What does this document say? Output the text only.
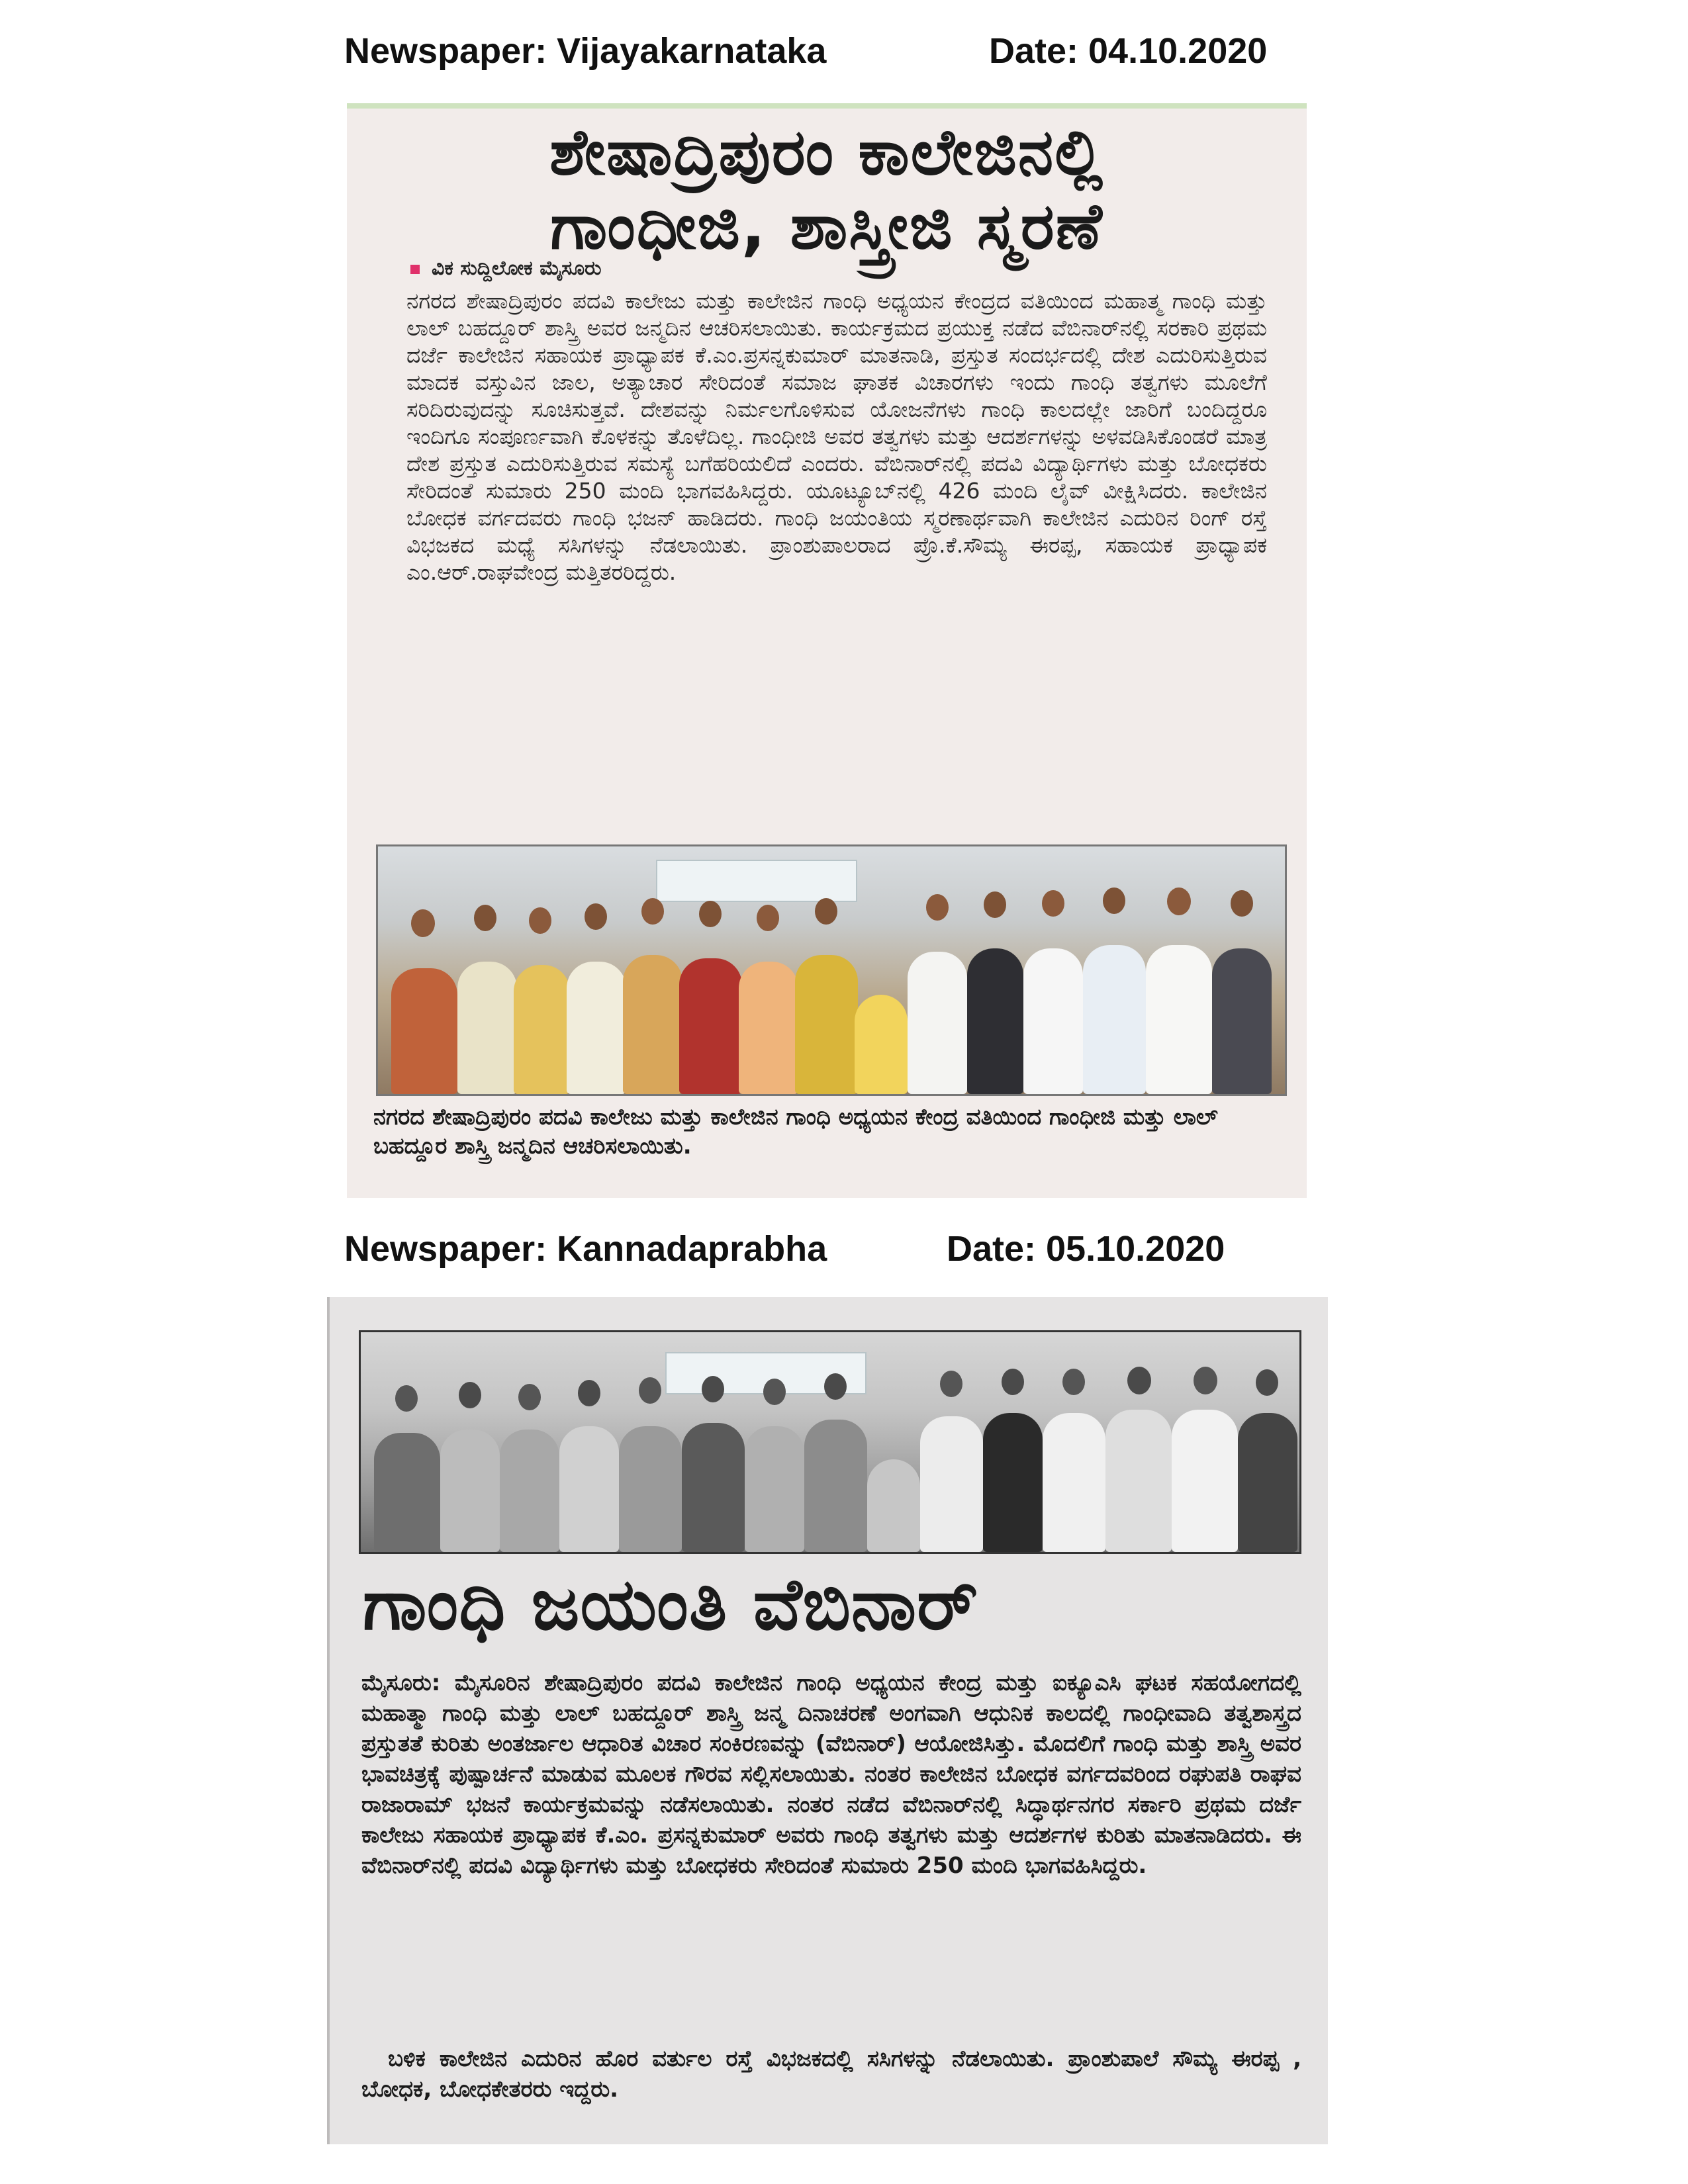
Newspaper: Vijayakarnataka	Date: 04.10.2020
ಶೇಷಾದ್ರಿಪುರಂ ಕಾಲೇಜಿನಲ್ಲಿ
ಗಾಂಧೀಜಿ, ಶಾಸ್ತ್ರೀಜಿ ಸ್ಮರಣೆ
ವಿಕ ಸುದ್ದಿಲೋಕ ಮೈಸೂರು
ನಗರದ ಶೇಷಾದ್ರಿಪುರಂ ಪದವಿ ಕಾಲೇಜು ಮತ್ತು ಕಾಲೇಜಿನ ಗಾಂಧಿ ಅಧ್ಯಯನ ಕೇಂದ್ರದ ವತಿಯಿಂದ ಮಹಾತ್ಮ ಗಾಂಧಿ ಮತ್ತು ಲಾಲ್ ಬಹದ್ದೂರ್ ಶಾಸ್ತ್ರಿ ಅವರ ಜನ್ಮದಿನ ಆಚರಿಸಲಾಯಿತು. ಕಾರ್ಯಕ್ರಮದ ಪ್ರಯುಕ್ತ ನಡೆದ ವೆಬಿನಾರ್‌ನಲ್ಲಿ ಸರಕಾರಿ ಪ್ರಥಮ ದರ್ಜೆ ಕಾಲೇಜಿನ ಸಹಾಯಕ ಪ್ರಾಧ್ಯಾಪಕ ಕೆ.ಎಂ.ಪ್ರಸನ್ನಕುಮಾರ್ ಮಾತನಾಡಿ, ಪ್ರಸ್ತುತ ಸಂದರ್ಭದಲ್ಲಿ ದೇಶ ಎದುರಿಸುತ್ತಿರುವ ಮಾದಕ ವಸ್ತುವಿನ ಜಾಲ, ಅತ್ಯಾಚಾರ ಸೇರಿದಂತೆ ಸಮಾಜ ಘಾತಕ ವಿಚಾರಗಳು ಇಂದು ಗಾಂಧಿ ತತ್ವಗಳು ಮೂಲೆಗೆ ಸರಿದಿರುವುದನ್ನು ಸೂಚಿಸುತ್ತವೆ. ದೇಶವನ್ನು ನಿರ್ಮಲಗೊಳಿಸುವ ಯೋಜನೆಗಳು ಗಾಂಧಿ ಕಾಲದಲ್ಲೇ ಜಾರಿಗೆ ಬಂದಿದ್ದರೂ ಇಂದಿಗೂ ಸಂಪೂರ್ಣವಾಗಿ ಕೊಳಕನ್ನು ತೊಳೆದಿಲ್ಲ. ಗಾಂಧೀಜಿ ಅವರ ತತ್ವಗಳು ಮತ್ತು ಆದರ್ಶಗಳನ್ನು ಅಳವಡಿಸಿಕೊಂಡರೆ ಮಾತ್ರ ದೇಶ ಪ್ರಸ್ತುತ ಎದುರಿಸುತ್ತಿರುವ ಸಮಸ್ಯೆ ಬಗೆಹರಿಯಲಿದೆ ಎಂದರು. ವೆಬಿನಾರ್‌ನಲ್ಲಿ ಪದವಿ ವಿದ್ಯಾರ್ಥಿಗಳು ಮತ್ತು ಬೋಧಕರು ಸೇರಿದಂತೆ ಸುಮಾರು 250 ಮಂದಿ ಭಾಗವಹಿಸಿದ್ದರು. ಯೂಟ್ಯೂಬ್‌ನಲ್ಲಿ 426 ಮಂದಿ ಲೈವ್ ವೀಕ್ಷಿಸಿದರು. ಕಾಲೇಜಿನ ಬೋಧಕ ವರ್ಗದವರು ಗಾಂಧಿ ಭಜನ್ ಹಾಡಿದರು. ಗಾಂಧಿ ಜಯಂತಿಯ ಸ್ಮರಣಾರ್ಥವಾಗಿ ಕಾಲೇಜಿನ ಎದುರಿನ ರಿಂಗ್ ರಸ್ತೆ ವಿಭಜಕದ ಮಧ್ಯೆ ಸಸಿಗಳನ್ನು ನೆಡಲಾಯಿತು. ಪ್ರಾಂಶುಪಾಲರಾದ ಪ್ರೊ.ಕೆ.ಸೌಮ್ಯ ಈರಪ್ಪ, ಸಹಾಯಕ ಪ್ರಾಧ್ಯಾಪಕ ಎಂ.ಆರ್.ರಾಘವೇಂದ್ರ ಮತ್ತಿತರರಿದ್ದರು.
ನಗರದ ಶೇಷಾದ್ರಿಪುರಂ ಪದವಿ ಕಾಲೇಜು ಮತ್ತು ಕಾಲೇಜಿನ ಗಾಂಧಿ ಅಧ್ಯಯನ ಕೇಂದ್ರ ವತಿಯಿಂದ ಗಾಂಧೀಜಿ ಮತ್ತು ಲಾಲ್ ಬಹದ್ದೂರ ಶಾಸ್ತ್ರಿ ಜನ್ಮದಿನ ಆಚರಿಸಲಾಯಿತು.
Newspaper: Kannadaprabha	Date: 05.10.2020
ಗಾಂಧಿ ಜಯಂತಿ ವೆಬಿನಾರ್
ಮೈಸೂರು: ಮೈಸೂರಿನ ಶೇಷಾದ್ರಿಪುರಂ ಪದವಿ ಕಾಲೇಜಿನ ಗಾಂಧಿ ಅಧ್ಯಯನ ಕೇಂದ್ರ ಮತ್ತು ಐಕ್ಯೂಎಸಿ ಘಟಕ ಸಹಯೋಗದಲ್ಲಿ ಮಹಾತ್ಮಾ ಗಾಂಧಿ ಮತ್ತು ಲಾಲ್ ಬಹದ್ದೂರ್ ಶಾಸ್ತ್ರಿ ಜನ್ಮ ದಿನಾಚರಣೆ ಅಂಗವಾಗಿ ಆಧುನಿಕ ಕಾಲದಲ್ಲಿ ಗಾಂಧೀವಾದಿ ತತ್ವಶಾಸ್ತ್ರದ ಪ್ರಸ್ತುತತೆ ಕುರಿತು ಅಂತರ್ಜಾಲ ಆಧಾರಿತ ವಿಚಾರ ಸಂಕಿರಣವನ್ನು (ವೆಬಿನಾರ್) ಆಯೋಜಿಸಿತ್ತು. ಮೊದಲಿಗೆ ಗಾಂಧಿ ಮತ್ತು ಶಾಸ್ತ್ರಿ ಅವರ ಭಾವಚಿತ್ರಕ್ಕೆ ಪುಷ್ಪಾರ್ಚನೆ ಮಾಡುವ ಮೂಲಕ ಗೌರವ ಸಲ್ಲಿಸಲಾಯಿತು. ನಂತರ ಕಾಲೇಜಿನ ಬೋಧಕ ವರ್ಗದವರಿಂದ ರಘುಪತಿ ರಾಘವ ರಾಜಾರಾಮ್ ಭಜನೆ ಕಾರ್ಯಕ್ರಮವನ್ನು ನಡೆಸಲಾಯಿತು. ನಂತರ ನಡೆದ ವೆಬಿನಾರ್‌ನಲ್ಲಿ ಸಿದ್ಧಾರ್ಥನಗರ ಸರ್ಕಾರಿ ಪ್ರಥಮ ದರ್ಜೆ ಕಾಲೇಜು ಸಹಾಯಕ ಪ್ರಾಧ್ಯಾಪಕ ಕೆ.ಎಂ. ಪ್ರಸನ್ನಕುಮಾರ್ ಅವರು ಗಾಂಧಿ ತತ್ವಗಳು ಮತ್ತು ಆದರ್ಶಗಳ ಕುರಿತು ಮಾತನಾಡಿದರು. ಈ ವೆಬಿನಾರ್‌ನಲ್ಲಿ ಪದವಿ ವಿದ್ಯಾರ್ಥಿಗಳು ಮತ್ತು ಬೋಧಕರು ಸೇರಿದಂತೆ ಸುಮಾರು 250 ಮಂದಿ ಭಾಗವಹಿಸಿದ್ದರು.
ಬಳಿಕ ಕಾಲೇಜಿನ ಎದುರಿನ ಹೊರ ವರ್ತುಲ ರಸ್ತೆ ವಿಭಜಕದಲ್ಲಿ ಸಸಿಗಳನ್ನು ನೆಡಲಾಯಿತು. ಪ್ರಾಂಶುಪಾಲೆ ಸೌಮ್ಯ ಈರಪ್ಪ , ಬೋಧಕ, ಬೋಧಕೇತರರು ಇದ್ದರು.
